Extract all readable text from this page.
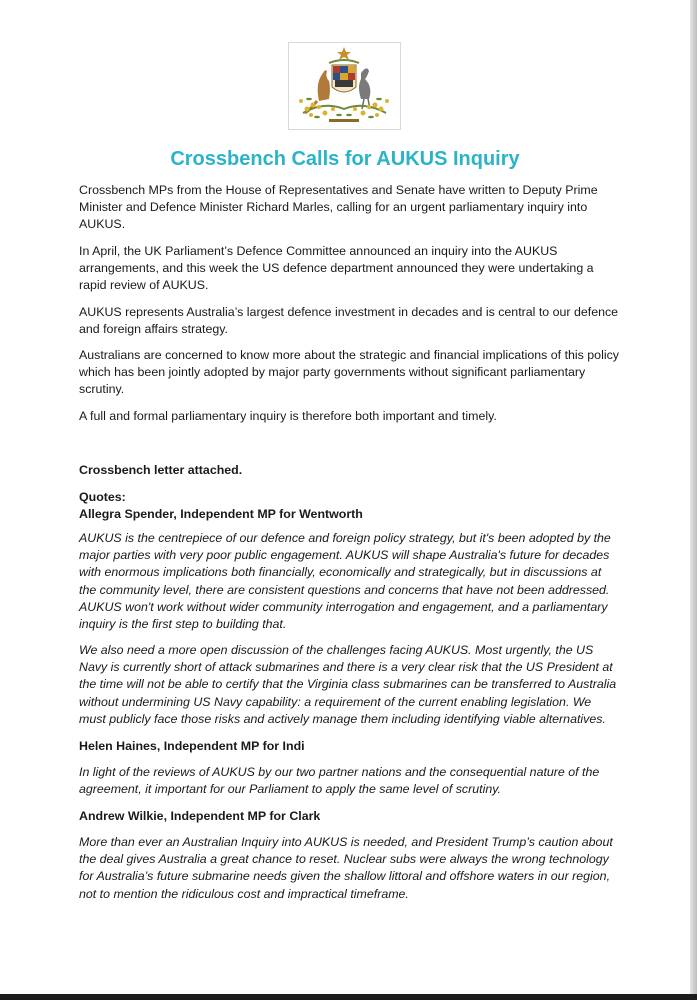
Crossbench Calls for AUKUS Inquiry

Crossbench MPs from the House of Representatives and Senate have written to Deputy Prime Minister and Defence Minister Richard Marles, calling for an urgent parliamentary inquiry into AUKUS.

In April, the UK Parliament’s Defence Committee announced an inquiry into the AUKUS arrangements, and this week the US defence department announced they were undertaking a rapid review of AUKUS.

AUKUS represents Australia’s largest defence investment in decades and is central to our defence and foreign affairs strategy.

Australians are concerned to know more about the strategic and financial implications of this policy which has been jointly adopted by major party governments without significant parliamentary scrutiny.

A full and formal parliamentary inquiry is therefore both important and timely.

Crossbench letter attached.
Quotes:
Allegra Spender, Independent MP for Wentworth

AUKUS is the centrepiece of our defence and foreign policy strategy, but it's been adopted by the major parties with very poor public engagement. AUKUS will shape Australia's future for decades with enormous implications both financially, economically and strategically, but in discussions at the community level, there are consistent questions and concerns that have not been addressed. AUKUS won't work without wider community interrogation and engagement, and a parliamentary inquiry is the first step to building that.

We also need a more open discussion of the challenges facing AUKUS. Most urgently, the US Navy is currently short of attack submarines and there is a very clear risk that the US President at the time will not be able to certify that the Virginia class submarines can be transferred to Australia without undermining US Navy capability: a requirement of the current enabling legislation. We must publicly face those risks and actively manage them including identifying viable alternatives.

Helen Haines, Independent MP for Indi

In light of the reviews of AUKUS by our two partner nations and the consequential nature of the agreement, it important for our Parliament to apply the same level of scrutiny.

Andrew Wilkie, Independent MP for Clark

More than ever an Australian Inquiry into AUKUS is needed, and President Trump’s caution about the deal gives Australia a great chance to reset. Nuclear subs were always the wrong technology for Australia’s future submarine needs given the shallow littoral and offshore waters in our region, not to mention the ridiculous cost and impractical timeframe.
